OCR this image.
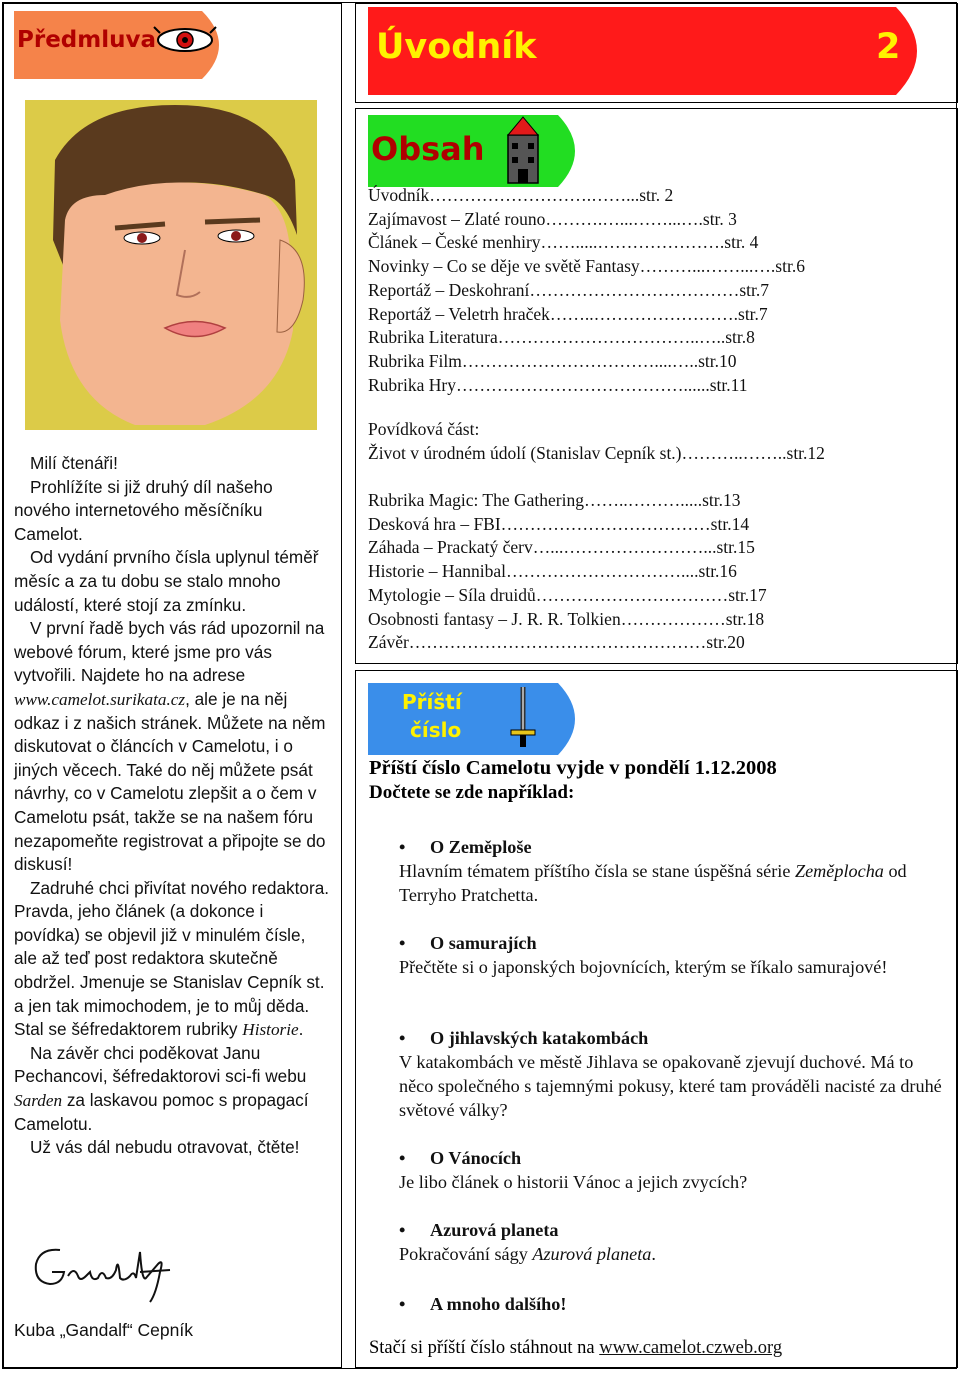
Předmluva

Milí čtenáři!

Prohlížíte si již druhý díl našeho nového internetového měsíčníku Camelot.

Od vydání prvního čísla uplynul téměř měsíc a za tu dobu se stalo mnoho událostí, které stojí za zmínku.

V první řadě bych vás rád upozornil na webové fórum, které jsme pro vás vytvořili. Najdete ho na adrese www.camelot.surikata.cz, ale je na něj odkaz i z našich stránek. Můžete na něm diskutovat o článcích v Camelotu, i o jiných věcech. Také do něj můžete psát návrhy, co v Camelotu zlepšit a o čem v Camelotu psát, takže se na našem fóru nezapomeňte registrovat a připojte se do diskusí!

Zadruhé chci přivítat nového redaktora. Pravda, jeho článek (a dokonce i povídka) se objevil již v minulém čísle, ale až teď post redaktora skutečně obdržel. Jmenuje se Stanislav Cepník st. a jen tak mimochodem, je to můj děda. Stal se šéfredaktorem rubriky Historie.

Na závěr chci poděkovat Janu Pechancovi, šéfredaktorovi sci-fi webu Sarden za laskavou pomoc s propagací Camelotu.

Už vás dál nebudu otravovat, čtěte!

Kuba „Gandalf“ Cepník
Úvodník	2
Obsah
Úvodník……………………….……...str. 2
Zajímavost – Zlaté rouno……….…...……...….str. 3
Článek – České menhiry…….....………………….str. 4
Novinky – Co se děje ve světě Fantasy………...……...….str.6
Reportáž – Deskohraní………………………………str.7
Reportáž – Veletrh hraček……..…………………….str.7
Rubrika Literatura……………………………..…..str.8
Rubrika Film……………………………....…..str.10
Rubrika Hry…………………………………......str.11
Povídková část:
Život v úrodném údolí (Stanislav Cepník st.)………..……..str.12
Rubrika Magic: The Gathering……..……….....str.13
Desková hra – FBI………………………………str.14
Záhada – Prackatý červ…...……………………...str.15
Historie – Hannibal…………………………....str.16
Mytologie – Síla druidů……………………………str.17
Osobnosti fantasy – J. R. R. Tolkien………………str.18
Závěr……………………………………………str.20
Příští
číslo
Příští číslo Camelotu vyjde v pondělí 1.12.2008
Dočtete se zde například:
• O Zeměploše
Hlavním tématem příštího čísla se stane úspěšná série Zeměplocha od Terryho Pratchetta.
• O samurajích
Přečtěte si o japonských bojovnících, kterým se říkalo samurajové!
• O jihlavských katakombách
V katakombách ve městě Jihlava se opakovaně zjevují duchové. Má to něco společného s tajemnými pokusy, které tam prováděli nacisté za druhé světové války?
• O Vánocích
Je libo článek o historii Vánoc a jejich zvycích?
• Azurová planeta
Pokračování ságy Azurová planeta.
• A mnoho dalšího!
Stačí si příští číslo stáhnout na www.camelot.czweb.org
